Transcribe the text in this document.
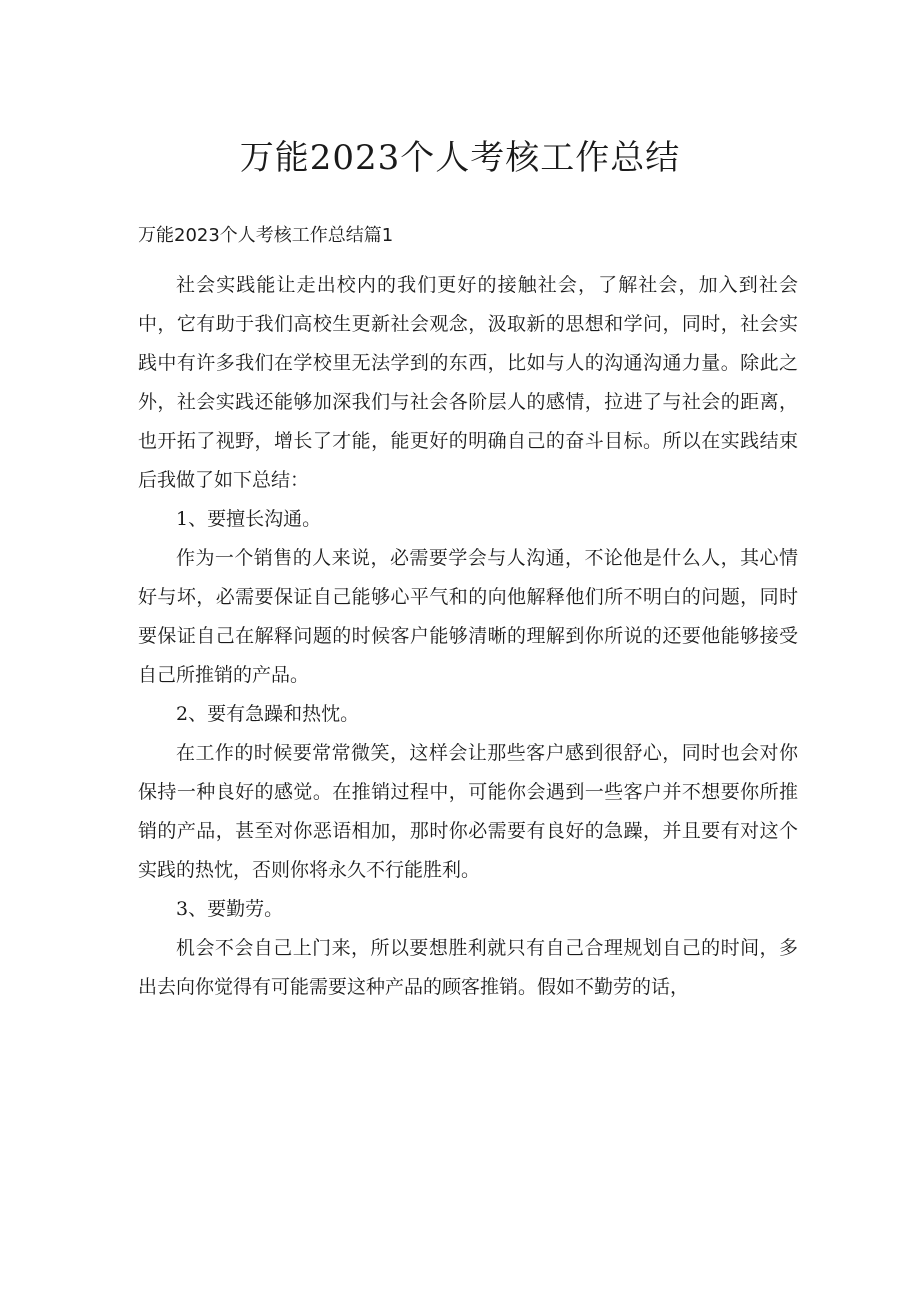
万能2023个人考核工作总结
万能2023个人考核工作总结篇1

社会实践能让走出校内的我们更好的接触社会，了解社会，加入到社会中，它有助于我们高校生更新社会观念，汲取新的思想和学问，同时，社会实践中有许多我们在学校里无法学到的东西，比如与人的沟通沟通力量。除此之外，社会实践还能够加深我们与社会各阶层人的感情，拉进了与社会的距离，也开拓了视野，增长了才能，能更好的明确自己的奋斗目标。所以在实践结束后我做了如下总结：

1、要擅长沟通。

作为一个销售的人来说，必需要学会与人沟通，不论他是什么人，其心情好与坏，必需要保证自己能够心平气和的向他解释他们所不明白的问题，同时要保证自己在解释问题的时候客户能够清晰的理解到你所说的还要他能够接受自己所推销的产品。

2、要有急躁和热忱。

在工作的时候要常常微笑，这样会让那些客户感到很舒心，同时也会对你保持一种良好的感觉。在推销过程中，可能你会遇到一些客户并不想要你所推销的产品，甚至对你恶语相加，那时你必需要有良好的急躁，并且要有对这个实践的热忱，否则你将永久不行能胜利。

3、要勤劳。

机会不会自己上门来，所以要想胜利就只有自己合理规划自己的时间，多出去向你觉得有可能需要这种产品的顾客推销。假如不勤劳的话，
